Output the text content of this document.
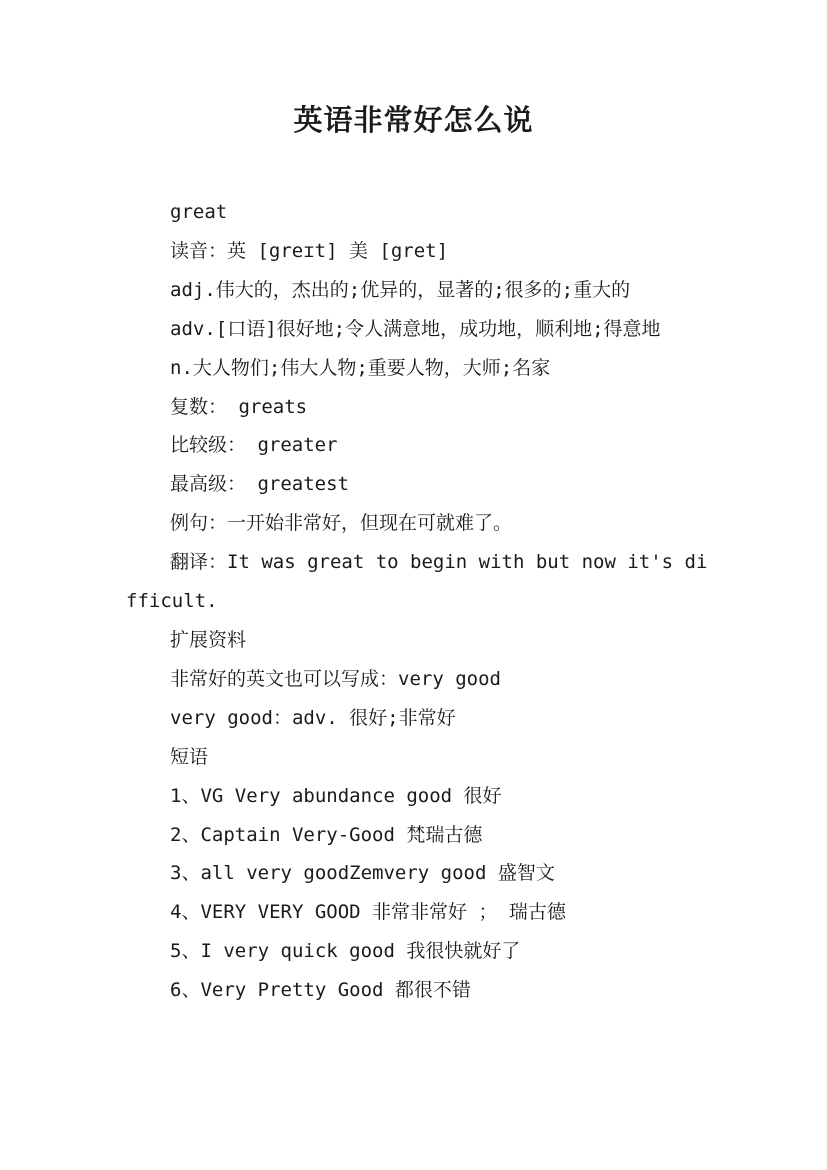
英语非常好怎么说

great

读音：英 [greɪt] 美 [gret]

adj.伟大的，杰出的;优异的，显著的;很多的;重大的

adv.[口语]很好地;令人满意地，成功地，顺利地;得意地

n.大人物们;伟大人物;重要人物，大师;名家

复数： greats

比较级： greater

最高级： greatest

例句：一开始非常好，但现在可就难了。

翻译：It was great to begin with but now it's difficult.

扩展资料

非常好的英文也可以写成：very good

very good：adv. 很好;非常好

短语

1、VG Very abundance good 很好

2、Captain Very-Good 梵瑞古德

3、all very goodZemvery good 盛智文

4、VERY VERY GOOD 非常非常好 ； 瑞古德

5、I very quick good 我很快就好了

6、Very Pretty Good 都很不错
